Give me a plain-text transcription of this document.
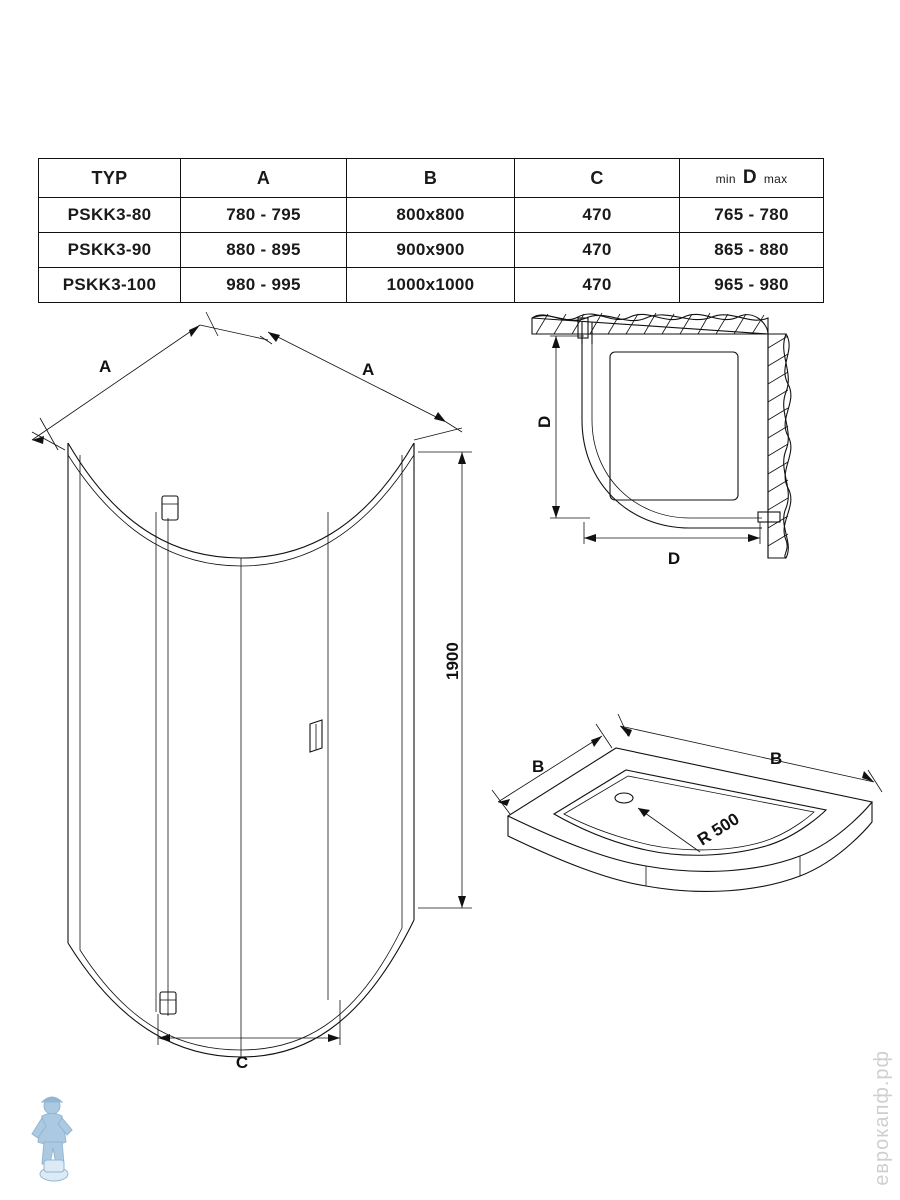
TYP	A	B	C	min D max

PSKK3-80	780 - 795	800x800	470	765 - 780
PSKK3-90	880 - 895	900x900	470	865 - 880
PSKK3-100	980 - 995	1000x1000	470	965 - 980
A	A
1900
C
D
D
B	B
R 500
еврокапф.рф
